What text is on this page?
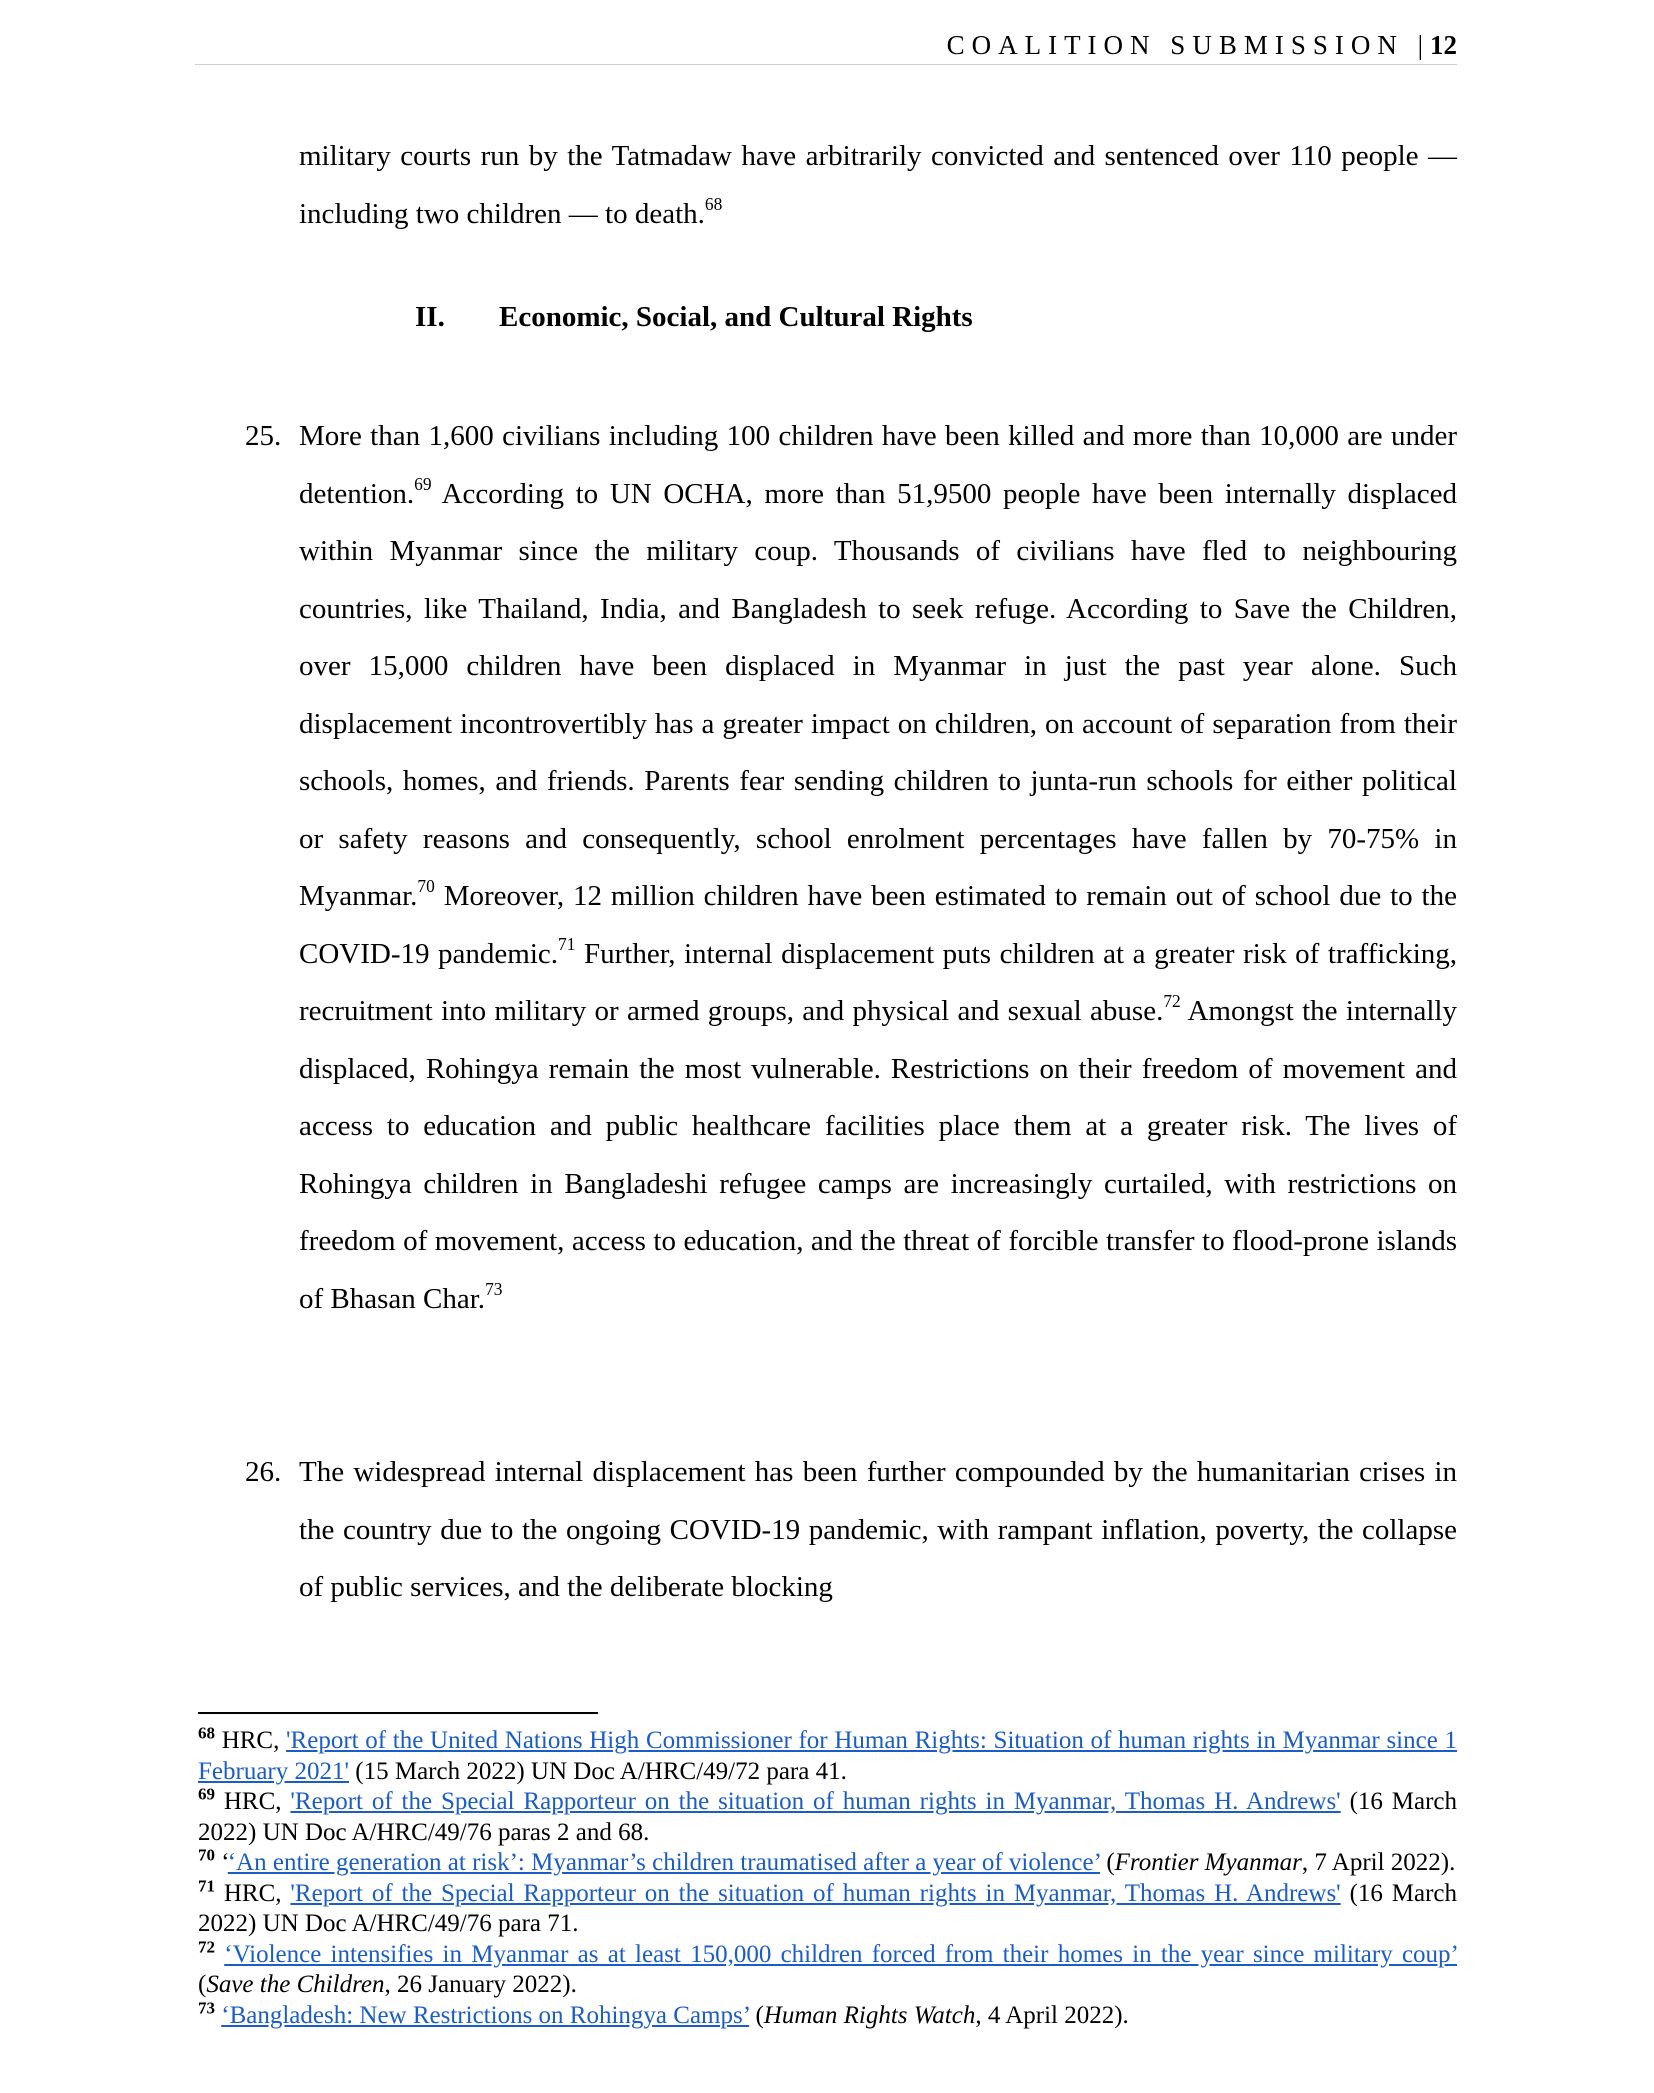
COALITION SUBMISSION |12
military courts run by the Tatmadaw have arbitrarily convicted and sentenced over 110 people — including two children — to death.$^{68}$
II. Economic, Social, and Cultural Rights
25. More than 1,600 civilians including 100 children have been killed and more than 10,000 are under detention.$^{69}$ According to UN OCHA, more than 51,9500 people have been internally displaced within Myanmar since the military coup. Thousands of civilians have fled to neighbouring countries, like Thailand, India, and Bangladesh to seek refuge. According to Save the Children, over 15,000 children have been displaced in Myanmar in just the past year alone. Such displacement incontrovertibly has a greater impact on children, on account of separation from their schools, homes, and friends. Parents fear sending children to junta-run schools for either political or safety reasons and consequently, school enrolment percentages have fallen by 70-75% in Myanmar.$^{70}$ Moreover, 12 million children have been estimated to remain out of school due to the COVID-19 pandemic.$^{71}$ Further, internal displacement puts children at a greater risk of trafficking, recruitment into military or armed groups, and physical and sexual abuse.$^{72}$ Amongst the internally displaced, Rohingya remain the most vulnerable. Restrictions on their freedom of movement and access to education and public healthcare facilities place them at a greater risk. The lives of Rohingya children in Bangladeshi refugee camps are increasingly curtailed, with restrictions on freedom of movement, access to education, and the threat of forcible transfer to flood-prone islands of Bhasan Char.$^{73}$
26. The widespread internal displacement has been further compounded by the humanitarian crises in the country due to the ongoing COVID-19 pandemic, with rampant inflation, poverty, the collapse of public services, and the deliberate blocking

$^{68}$ HRC, 'Report of the United Nations High Commissioner for Human Rights: Situation of human rights in Myanmar since 1 February 2021' (15 March 2022) UN Doc A/HRC/49/72 para 41.

$^{69}$ HRC, 'Report of the Special Rapporteur on the situation of human rights in Myanmar, Thomas H. Andrews' (16 March 2022) UN Doc A/HRC/49/76 paras 2 and 68.

$^{70}$ ‘‘An entire generation at risk’: Myanmar’s children traumatised after a year of violence’ (Frontier Myanmar, 7 April 2022).

$^{71}$ HRC, 'Report of the Special Rapporteur on the situation of human rights in Myanmar, Thomas H. Andrews' (16 March 2022) UN Doc A/HRC/49/76 para 71.

$^{72}$ ‘Violence intensifies in Myanmar as at least 150,000 children forced from their homes in the year since military coup’ (Save the Children, 26 January 2022).

$^{73}$ ‘Bangladesh: New Restrictions on Rohingya Camps’ (Human Rights Watch, 4 April 2022).
